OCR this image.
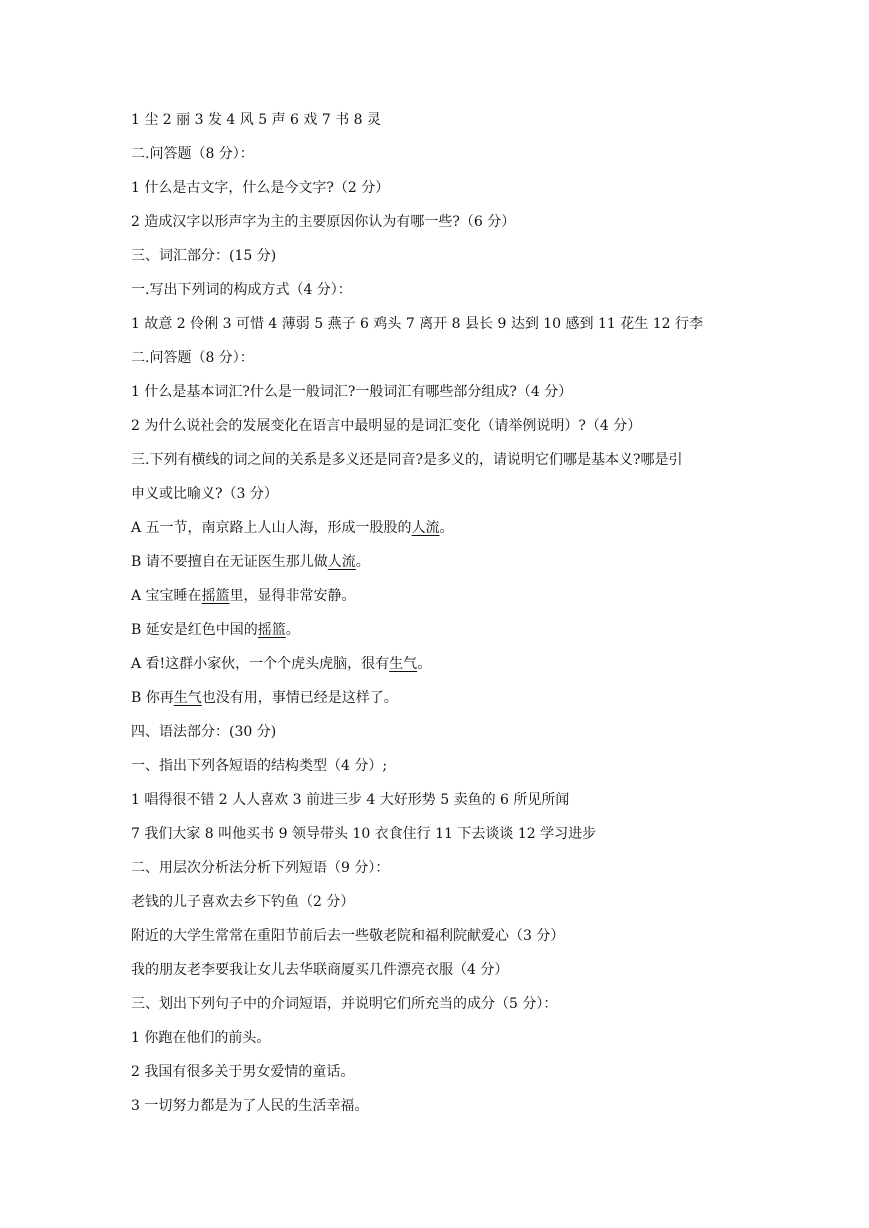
1 尘 2 丽 3 发 4 风 5 声 6 戏 7 书 8 灵
二.问答题（8 分）：
1 什么是古文字，什么是今文字?（2 分）
2 造成汉字以形声字为主的主要原因你认为有哪一些?（6 分）
三、词汇部分：(15 分)
一.写出下列词的构成方式（4 分）：
1 故意 2 伶俐 3 可惜 4 薄弱 5 燕子 6 鸡头 7 离开 8 县长 9 达到 10 感到 11 花生 12 行李
二.问答题（8 分）：
1 什么是基本词汇?什么是一般词汇?一般词汇有哪些部分组成?（4 分）
2 为什么说社会的发展变化在语言中最明显的是词汇变化（请举例说明）?（4 分）
三.下列有横线的词之间的关系是多义还是同音?是多义的，请说明它们哪是基本义?哪是引
申义或比喻义?（3 分）
A 五一节，南京路上人山人海，形成一股股的人流。
B 请不要擅自在无证医生那儿做人流。
A 宝宝睡在摇篮里，显得非常安静。
B 延安是红色中国的摇篮。
A 看!这群小家伙，一个个虎头虎脑，很有生气。
B 你再生气也没有用，事情已经是这样了。
四、语法部分：(30 分)
一、指出下列各短语的结构类型（4 分）;
1 唱得很不错 2 人人喜欢 3 前进三步 4 大好形势 5 卖鱼的 6 所见所闻
7 我们大家 8 叫他买书 9 领导带头 10 衣食住行 11 下去谈谈 12 学习进步
二、用层次分析法分析下列短语（9 分）：
老钱的儿子喜欢去乡下钓鱼（2 分）
附近的大学生常常在重阳节前后去一些敬老院和福利院献爱心（3 分）
我的朋友老李要我让女儿去华联商厦买几件漂亮衣服（4 分）
三、划出下列句子中的介词短语，并说明它们所充当的成分（5 分）：
1 你跑在他们的前头。
2 我国有很多关于男女爱情的童话。
3 一切努力都是为了人民的生活幸福。
